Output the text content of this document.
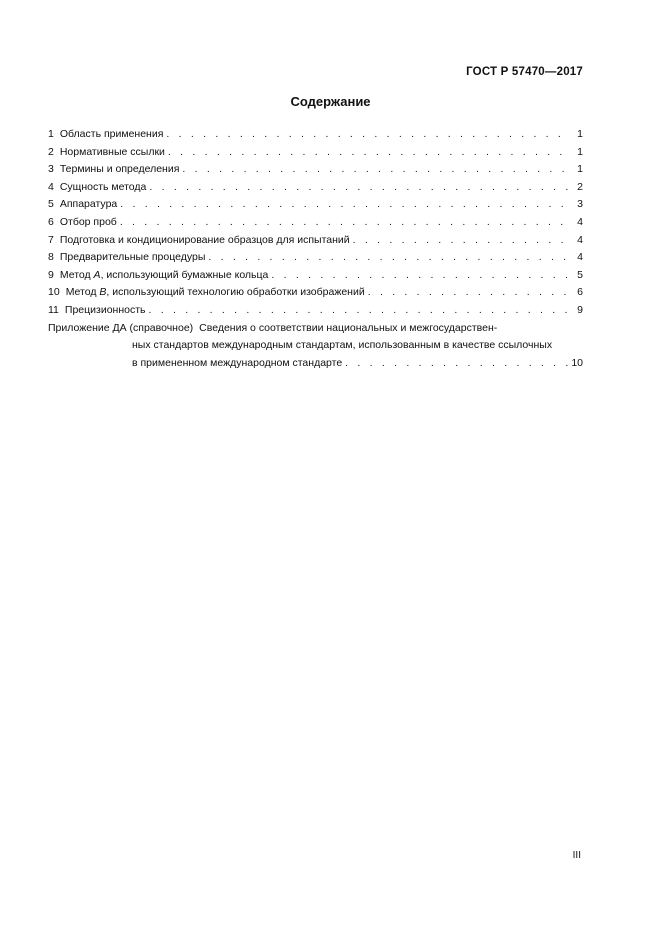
ГОСТ Р 57470—2017
Содержание
1 Область применения . . .	1
2 Нормативные ссылки . . .	1
3 Термины и определения . . .	1
4 Сущность метода . . .	2
5 Аппаратура . . .	3
6 Отбор проб . . .	4
7 Подготовка и кондиционирование образцов для испытаний . . .	4
8 Предварительные процедуры . . .	4
9 Метод A, использующий бумажные кольца . . .	5
10 Метод B, использующий технологию обработки изображений . . .	6
11 Прецизионность . . .	9
Приложение ДА (справочное) Сведения о соответствии национальных и межгосударствен-
ных стандартов международным стандартам, использованным в качестве ссылочных
в примененном международном стандарте . . .	10
III
